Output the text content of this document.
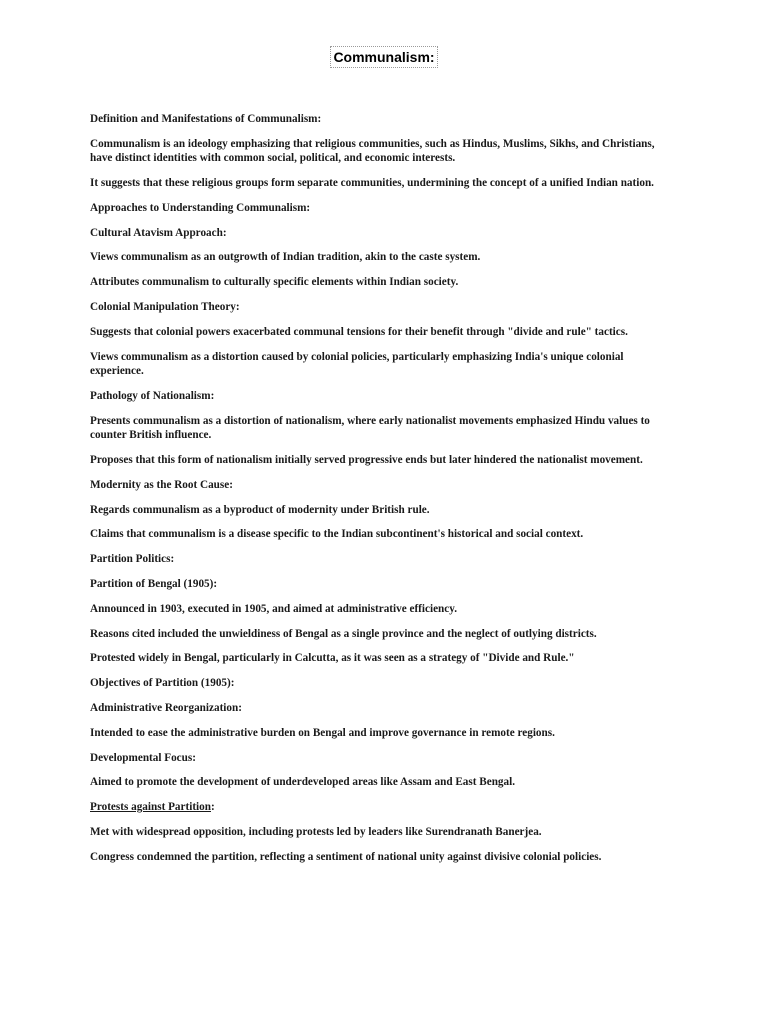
Communalism:

Definition and Manifestations of Communalism:

Communalism is an ideology emphasizing that religious communities, such as Hindus, Muslims, Sikhs, and Christians, have distinct identities with common social, political, and economic interests.

It suggests that these religious groups form separate communities, undermining the concept of a unified Indian nation.

Approaches to Understanding Communalism:

Cultural Atavism Approach:

Views communalism as an outgrowth of Indian tradition, akin to the caste system.

Attributes communalism to culturally specific elements within Indian society.

Colonial Manipulation Theory:

Suggests that colonial powers exacerbated communal tensions for their benefit through "divide and rule" tactics.

Views communalism as a distortion caused by colonial policies, particularly emphasizing India's unique colonial experience.

Pathology of Nationalism:

Presents communalism as a distortion of nationalism, where early nationalist movements emphasized Hindu values to counter British influence.

Proposes that this form of nationalism initially served progressive ends but later hindered the nationalist movement.

Modernity as the Root Cause:

Regards communalism as a byproduct of modernity under British rule.

Claims that communalism is a disease specific to the Indian subcontinent's historical and social context.

Partition Politics:

Partition of Bengal (1905):

Announced in 1903, executed in 1905, and aimed at administrative efficiency.

Reasons cited included the unwieldiness of Bengal as a single province and the neglect of outlying districts.

Protested widely in Bengal, particularly in Calcutta, as it was seen as a strategy of "Divide and Rule."

Objectives of Partition (1905):

Administrative Reorganization:

Intended to ease the administrative burden on Bengal and improve governance in remote regions.

Developmental Focus:

Aimed to promote the development of underdeveloped areas like Assam and East Bengal.

Protests against Partition:

Met with widespread opposition, including protests led by leaders like Surendranath Banerjea.

Congress condemned the partition, reflecting a sentiment of national unity against divisive colonial policies.
